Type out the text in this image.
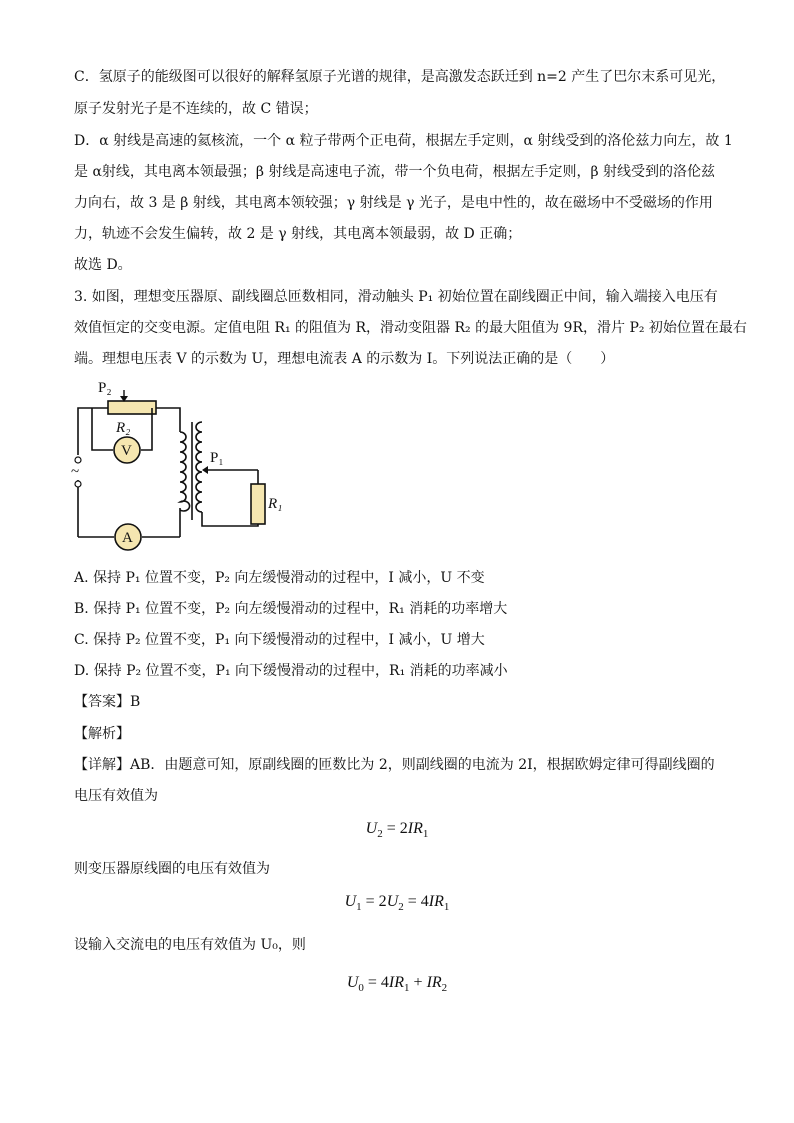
C．氢原子的能级图可以很好的解释氢原子光谱的规律，是高激发态跃迁到 n=2 产生了巴尔末系可见光，
原子发射光子是不连续的，故 C 错误；
D．α 射线是高速的氦核流，一个 α 粒子带两个正电荷，根据左手定则，α 射线受到的洛伦兹力向左，故 1
是 α射线，其电离本领最强；β 射线是高速电子流，带一个负电荷，根据左手定则，β 射线受到的洛伦兹
力向右，故 3 是 β 射线，其电离本领较强；γ 射线是 γ 光子，是电中性的，故在磁场中不受磁场的作用
力，轨迹不会发生偏转，故 2 是 γ 射线，其电离本领最弱，故 D 正确；
故选 D。
3. 如图，理想变压器原、副线圈总匝数相同，滑动触头 P₁ 初始位置在副线圈正中间，输入端接入电压有
效值恒定的交变电源。定值电阻 R₁ 的阻值为 R，滑动变阻器 R₂ 的最大阻值为 9R，滑片 P₂ 初始位置在最右
端。理想电压表 V 的示数为 U，理想电流表 A 的示数为 I。下列说法正确的是（　　）
P₂
R₂
V	P₁
R₁
A
~
A. 保持 P₁ 位置不变，P₂ 向左缓慢滑动的过程中，I 减小，U 不变
B. 保持 P₁ 位置不变，P₂ 向左缓慢滑动的过程中，R₁ 消耗的功率增大
C. 保持 P₂ 位置不变，P₁ 向下缓慢滑动的过程中，I 减小，U 增大
D. 保持 P₂ 位置不变，P₁ 向下缓慢滑动的过程中，R₁ 消耗的功率减小
【答案】B
【解析】
【详解】AB．由题意可知，原副线圈的匝数比为 2，则副线圈的电流为 2I，根据欧姆定律可得副线圈的
电压有效值为
$U_2 = 2IR_1$
则变压器原线圈的电压有效值为
$U_1 = 2U_2 = 4IR_1$
设输入交流电的电压有效值为 U₀，则
$U_0 = 4IR_1 + IR_2$
